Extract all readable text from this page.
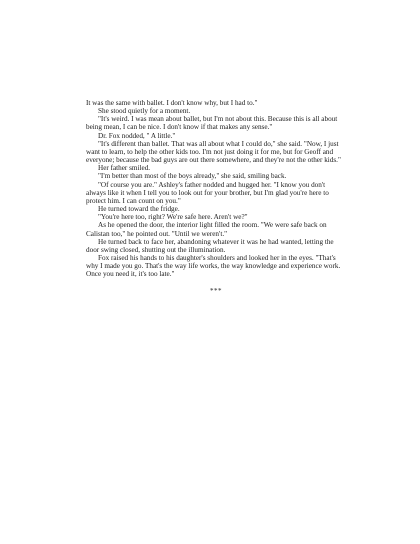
It was the same with ballet. I don't know why, but I had to."

She stood quietly for a moment.

"It's weird. I was mean about ballet, but I'm not about this. Because this is all about being mean, I can be nice. I don't know if that makes any sense."

Dr. Fox nodded, " A little."

"It's different than ballet. That was all about what I could do," she said. "Now, I just want to learn, to help the other kids too. I'm not just doing it for me, but for Geoff and everyone; because the bad guys are out there somewhere, and they're not the other kids."

Her father smiled.

"I'm better than most of the boys already," she said, smiling back.

"Of course you are." Ashley's father nodded and hugged her. "I know you don't always like it when I tell you to look out for your brother, but I'm glad you're here to protect him. I can count on you."

He turned toward the fridge.

"You're here too, right? We're safe here. Aren't we?"

As he opened the door, the interior light filled the room. "We were safe back on Calistan too," he pointed out. "Until we weren't."

He turned back to face her, abandoning whatever it was he had wanted, letting the door swing closed, shutting out the illumination.

Fox raised his hands to his daughter's shoulders and looked her in the eyes. "That's why I made you go. That's the way life works, the way knowledge and experience work. Once you need it, it's too late."

***
